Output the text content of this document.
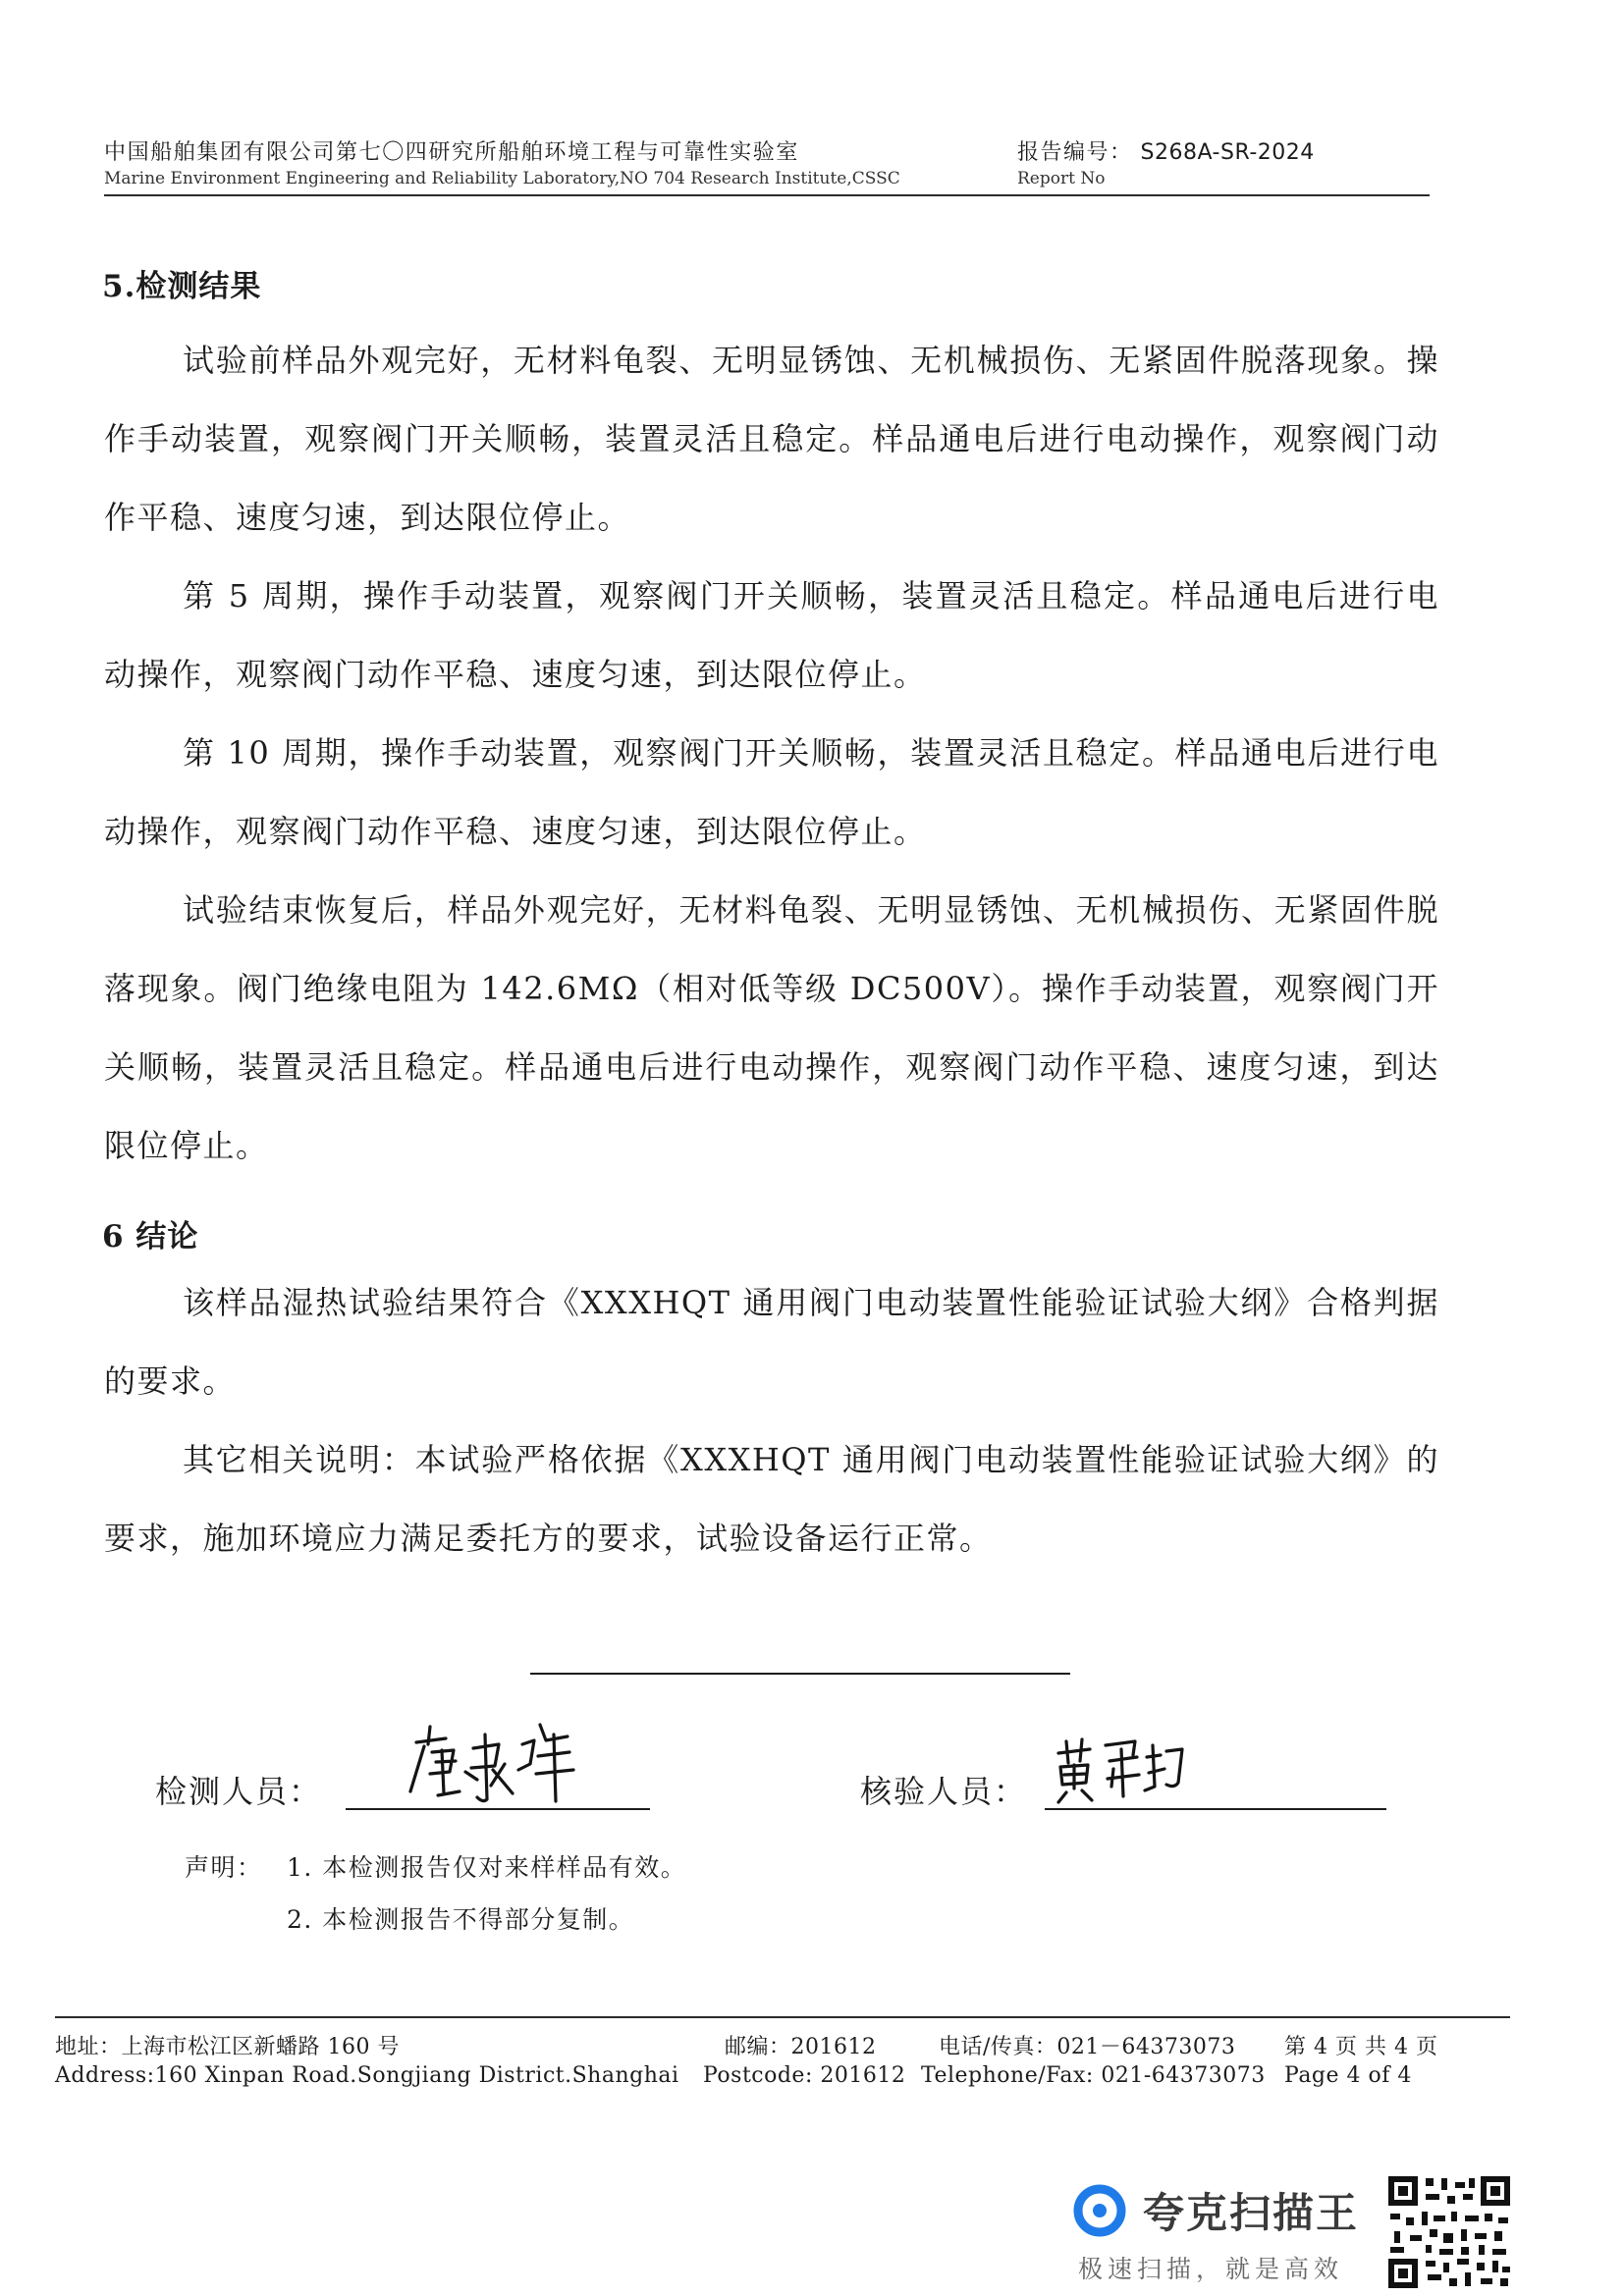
中国船舶集团有限公司第七〇四研究所船舶环境工程与可靠性实验室
Marine Environment Engineering and Reliability Laboratory,NO 704 Research Institute,CSSC
报告编号： S268A-SR-2024
Report No
5.检测结果

试验前样品外观完好，无材料龟裂、无明显锈蚀、无机械损伤、无紧固件脱落现象。操作手动装置，观察阀门开关顺畅，装置灵活且稳定。样品通电后进行电动操作，观察阀门动作平稳、速度匀速，到达限位停止。

第 5 周期，操作手动装置，观察阀门开关顺畅，装置灵活且稳定。样品通电后进行电动操作，观察阀门动作平稳、速度匀速，到达限位停止。

第 10 周期，操作手动装置，观察阀门开关顺畅，装置灵活且稳定。样品通电后进行电动操作，观察阀门动作平稳、速度匀速，到达限位停止。

试验结束恢复后，样品外观完好，无材料龟裂、无明显锈蚀、无机械损伤、无紧固件脱落现象。阀门绝缘电阻为 142.6MΩ（相对低等级 DC500V）。操作手动装置，观察阀门开关顺畅，装置灵活且稳定。样品通电后进行电动操作，观察阀门动作平稳、速度匀速，到达限位停止。

6 结论

该样品湿热试验结果符合《XXXHQT 通用阀门电动装置性能验证试验大纲》合格判据的要求。

其它相关说明：本试验严格依据《XXXHQT 通用阀门电动装置性能验证试验大纲》的要求，施加环境应力满足委托方的要求，试验设备运行正常。

检测人员：	核验人员：
声明： 1. 本检测报告仅对来样样品有效。
2. 本检测报告不得部分复制。
地址：上海市松江区新蟠路 160 号
Address:160 Xinpan Road.Songjiang District.Shanghai
邮编：201612
Postcode: 201612
电话/传真：021－64373073
Telephone/Fax: 021-64373073
第 4 页 共 4 页
Page 4 of 4
夸克扫描王
极速扫描，就是高效
